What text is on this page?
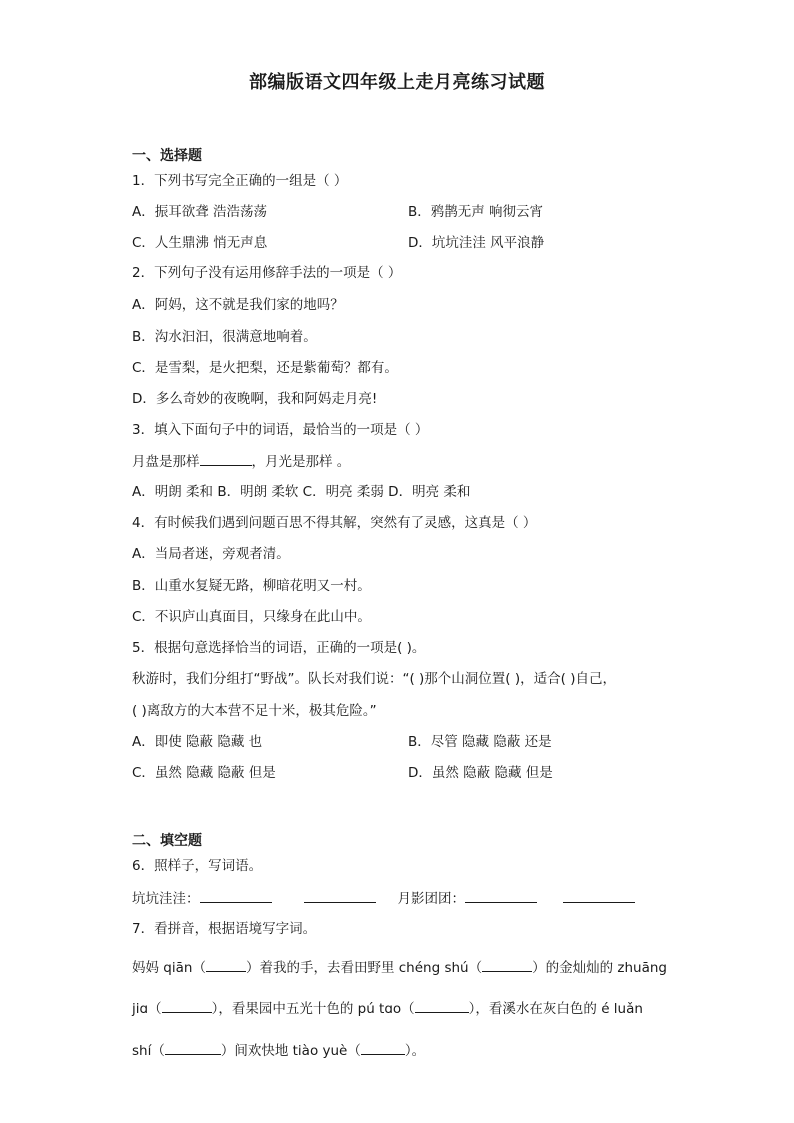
部编版语文四年级上走月亮练习试题
一、选择题
1．下列书写完全正确的一组是（ ）
A．振耳欲聋 浩浩荡荡	B．鸦鹊无声 响彻云宵
C．人生鼎沸 悄无声息	D．坑坑洼洼 风平浪静
2．下列句子没有运用修辞手法的一项是（ ）
A．阿妈，这不就是我们家的地吗？
B．沟水汩汩，很满意地响着。
C．是雪梨，是火把梨，还是紫葡萄？都有。
D．多么奇妙的夜晚啊，我和阿妈走月亮!
3．填入下面句子中的词语，最恰当的一项是（ ）
月盘是那样	，月光是那样 。
A．明朗 柔和 B．明朗 柔软 C．明亮 柔弱 D．明亮 柔和
4．有时候我们遇到问题百思不得其解，突然有了灵感，这真是（ ）
A．当局者迷，旁观者清。
B．山重水复疑无路，柳暗花明又一村。
C．不识庐山真面目，只缘身在此山中。
5．根据句意选择恰当的词语，正确的一项是( )。
秋游时，我们分组打“野战”。队长对我们说：“( )那个山洞位置( )，适合( )自己，
( )离敌方的大本营不足十米，极其危险。”
A．即使 隐蔽 隐藏 也	B．尽管 隐藏 隐蔽 还是
C．虽然 隐藏 隐蔽 但是	D．虽然 隐蔽 隐藏 但是
二、填空题
6．照样子，写词语。
坑坑洼洼：	月影团团：
7．看拼音，根据语境写字词。
妈妈 qiān（	）着我的手，去看田野里 chéng shú（	）的金灿灿的 zhuāng
jiɑ（	），看果园中五光十色的 pú tɑo（	），看溪水在灰白色的 é luǎn
shí（	）间欢快地 tiào yuè（	）。
